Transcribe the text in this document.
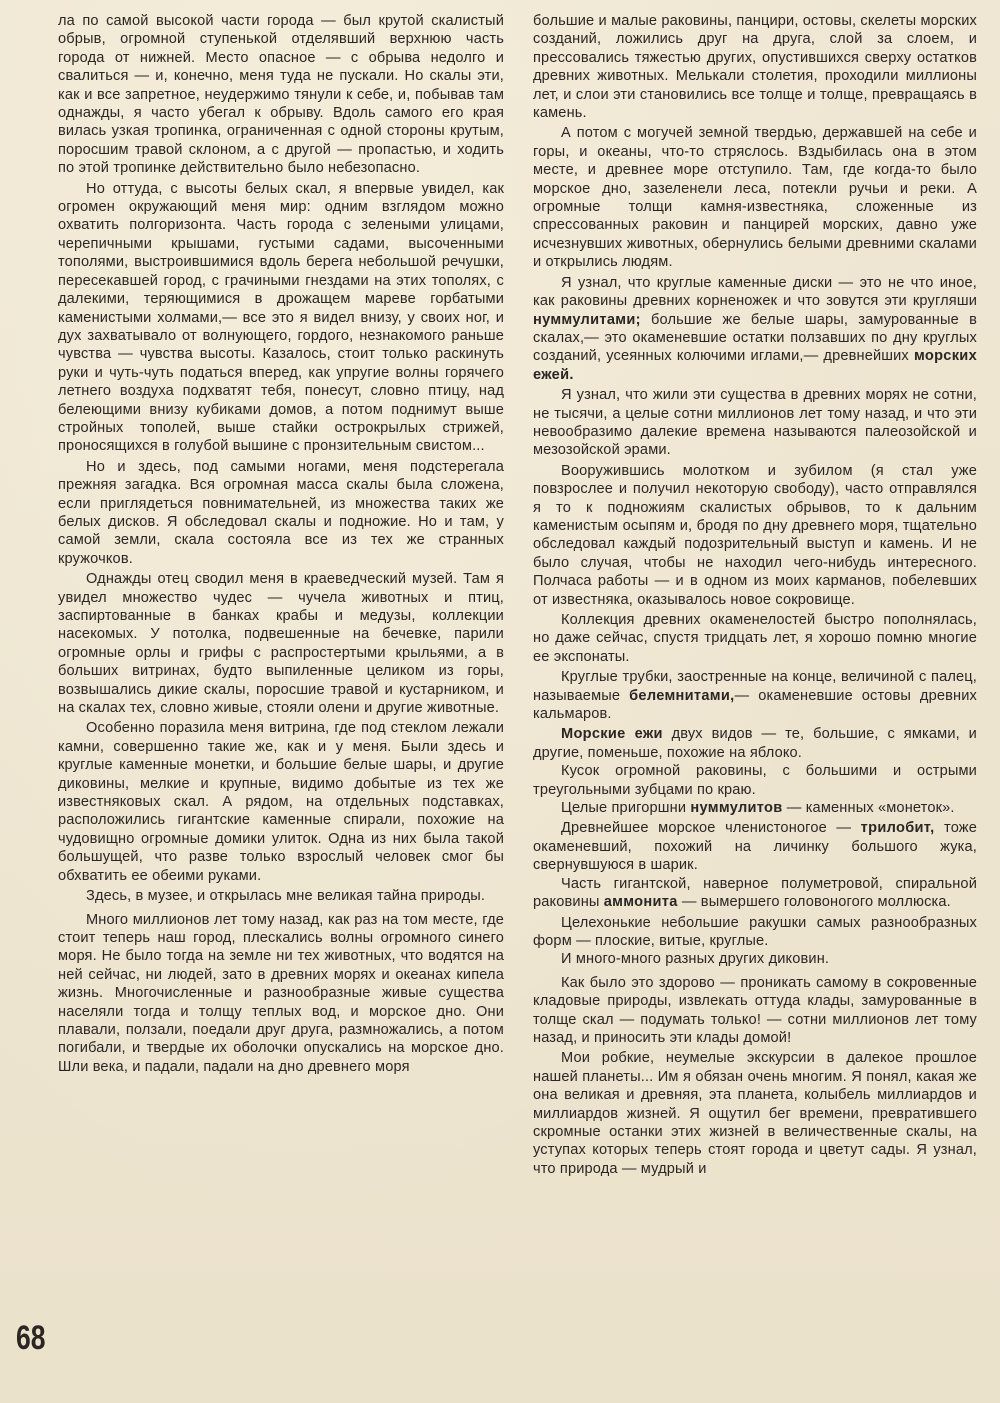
ла по самой высокой части города — был крутой скалистый обрыв, огромной ступенькой отделявший верхнюю часть города от нижней. Место опасное — с обрыва недолго и свалиться — и, конечно, меня туда не пускали. Но скалы эти, как и все запретное, неудержимо тянули к себе, и, побывав там однажды, я часто убегал к обрыву. Вдоль самого его края вилась узкая тропинка, ограниченная с одной стороны крутым, поросшим травой склоном, а с другой — пропастью, и ходить по этой тропинке действительно было небезопасно.

Но оттуда, с высоты белых скал, я впервые увидел, как огромен окружающий меня мир: одним взглядом можно охватить полгоризонта. Часть города с зелеными улицами, черепичными крышами, густыми садами, высоченными тополями, выстроившимися вдоль берега небольшой речушки, пересекавшей город, с грачиными гнездами на этих тополях, с далекими, теряющимися в дрожащем мареве горбатыми каменистыми холмами,— все это я видел внизу, у своих ног, и дух захватывало от волнующего, гордого, незнакомого раньше чувства — чувства высоты. Казалось, стоит только раскинуть руки и чуть-чуть податься вперед, как упругие волны горячего летнего воздуха подхватят тебя, понесут, словно птицу, над белеющими внизу кубиками домов, а потом поднимут выше стройных тополей, выше стайки острокрылых стрижей, проносящихся в голубой вышине с пронзительным свистом...

Но и здесь, под самыми ногами, меня подстерегала прежняя загадка. Вся огромная масса скалы была сложена, если приглядеться повнимательней, из множества таких же белых дисков. Я обследовал скалы и подножие. Но и там, у самой земли, скала состояла все из тех же странных кружочков.

Однажды отец сводил меня в краеведческий музей. Там я увидел множество чудес — чучела животных и птиц, заспиртованные в банках крабы и медузы, коллекции насекомых. У потолка, подвешенные на бечевке, парили огромные орлы и грифы с распростертыми крыльями, а в больших витринах, будто выпиленные целиком из горы, возвышались дикие скалы, поросшие травой и кустарником, и на скалах тех, словно живые, стояли олени и другие животные.

Особенно поразила меня витрина, где под стеклом лежали камни, совершенно такие же, как и у меня. Были здесь и круглые каменные монетки, и большие белые шары, и другие диковины, мелкие и крупные, видимо добытые из тех же известняковых скал. А рядом, на отдельных подставках, расположились гигантские каменные спирали, похожие на чудовищно огромные домики улиток. Одна из них была такой большущей, что разве только взрослый человек смог бы обхватить ее обеими руками.

Здесь, в музее, и открылась мне великая тайна природы.

Много миллионов лет тому назад, как раз на том месте, где стоит теперь наш город, плескались волны огромного синего моря. Не было тогда на земле ни тех животных, что водятся на ней сейчас, ни людей, зато в древних морях и океанах кипела жизнь. Многочисленные и разнообразные живые существа населяли тогда и толщу теплых вод, и морское дно. Они плавали, ползали, поедали друг друга, размножались, а потом погибали, и твердые их оболочки опускались на морское дно. Шли века, и падали, падали на дно древнего моря

большие и малые раковины, панцири, остовы, скелеты морских созданий, ложились друг на друга, слой за слоем, и прессовались тяжестью других, опустившихся сверху остатков древних животных. Мелькали столетия, проходили миллионы лет, и слои эти становились все толще и толще, превращаясь в камень.

А потом с могучей земной твердью, державшей на себе и горы, и океаны, что-то стряслось. Вздыбилась она в этом месте, и древнее море отступило. Там, где когда-то было морское дно, зазеленели леса, потекли ручьи и реки. А огромные толщи камня-известняка, сложенные из спрессованных раковин и панцирей морских, давно уже исчезнувших животных, обернулись белыми древними скалами и открылись людям.

Я узнал, что круглые каменные диски — это не что иное, как раковины древних корненожек и что зовутся эти кругляши нуммулитами; большие же белые шары, замурованные в скалах,— это окаменевшие остатки ползавших по дну круглых созданий, усеянных колючими иглами,— древнейших морских ежей.

Я узнал, что жили эти существа в древних морях не сотни, не тысячи, а целые сотни миллионов лет тому назад, и что эти невообразимо далекие времена называются палеозойской и мезозойской эрами.

Вооружившись молотком и зубилом (я стал уже повзрослее и получил некоторую свободу), часто отправлялся я то к подножиям скалистых обрывов, то к дальним каменистым осыпям и, бродя по дну древнего моря, тщательно обследовал каждый подозрительный выступ и камень. И не было случая, чтобы не находил чего-нибудь интересного. Полчаса работы — и в одном из моих карманов, побелевших от известняка, оказывалось новое сокровище.

Коллекция древних окаменелостей быстро пополнялась, но даже сейчас, спустя тридцать лет, я хорошо помню многие ее экспонаты.

Круглые трубки, заостренные на конце, величиной с палец, называемые белемнитами,— окаменевшие остовы древних кальмаров.

Морские ежи двух видов — те, большие, с ямками, и другие, поменьше, похожие на яблоко.

Кусок огромной раковины, с большими и острыми треугольными зубцами по краю.

Целые пригоршни нуммулитов — каменных «монеток».

Древнейшее морское членистоногое — трилобит, тоже окаменевший, похожий на личинку большого жука, свернувшуюся в шарик.

Часть гигантской, наверное полуметровой, спиральной раковины аммонита — вымершего головоногого моллюска.

Целехонькие небольшие ракушки самых разнообразных форм — плоские, витые, круглые.

И много-много разных других диковин.

Как было это здорово — проникать самому в сокровенные кладовые природы, извлекать оттуда клады, замурованные в толще скал — подумать только! — сотни миллионов лет тому назад, и приносить эти клады домой!

Мои робкие, неумелые экскурсии в далекое прошлое нашей планеты... Им я обязан очень многим. Я понял, какая же она великая и древняя, эта планета, колыбель миллиардов и миллиардов жизней. Я ощутил бег времени, превратившего скромные останки этих жизней в величественные скалы, на уступах которых теперь стоят города и цветут сады. Я узнал, что природа — мудрый и

68
